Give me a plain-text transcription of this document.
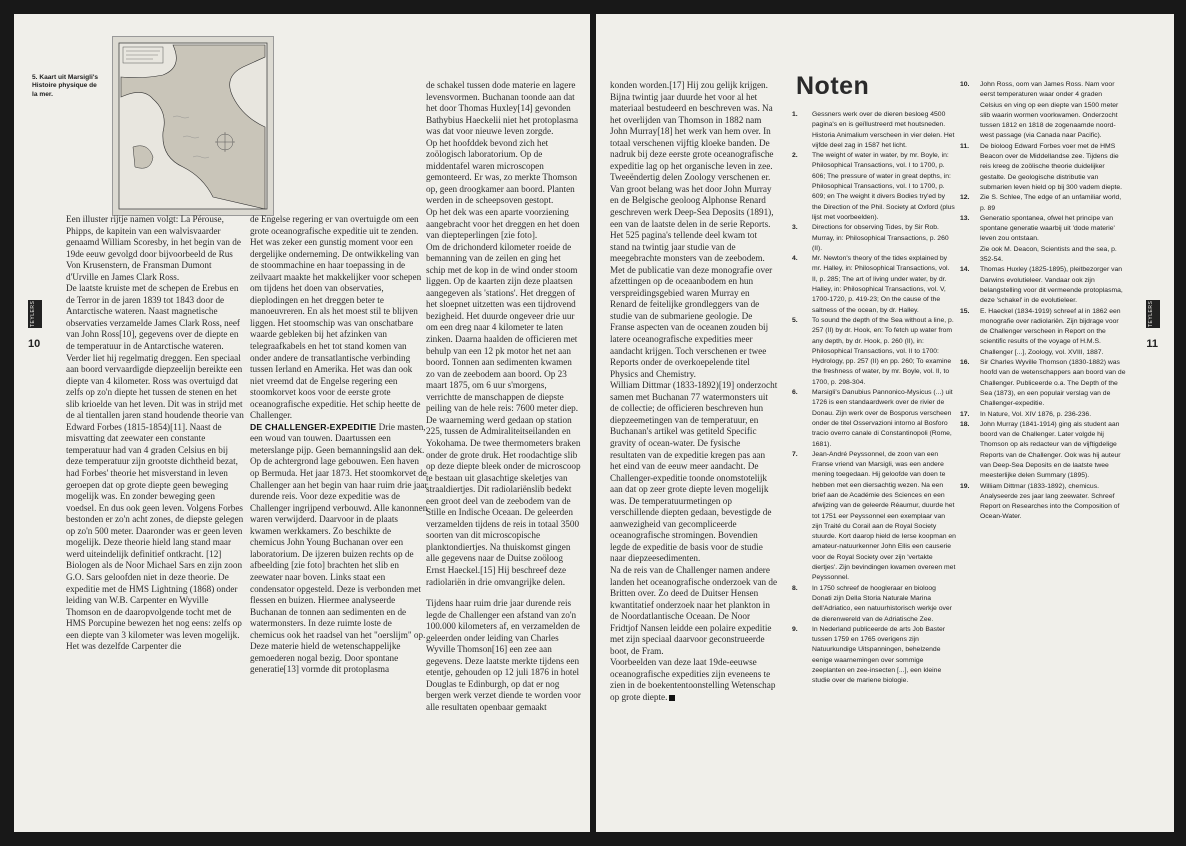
5. Kaart uit Marsigli's Histoire physique de la mer.
TEYLERS
10

Een illuster rijtje namen volgt: La Pérouse, Phipps, de kapitein van een walvisvaarder genaamd William Scoresby, in het begin van de 19de eeuw gevolgd door bijvoorbeeld de Rus Von Krusenstern, de Fransman Dumont d'Urville en James Clark Ross.
De laatste kruiste met de schepen de Erebus en de Terror in de jaren 1839 tot 1843 door de Antarctische wateren. Naast magnetische observaties verzamelde James Clark Ross, neef van John Ross[10], gegevens over de diepte en de temperatuur in de Antarctische wateren. Verder liet hij regelmatig dreggen. Een speciaal aan boord vervaardigde diepzeelijn bereikte een diepte van 4 kilometer. Ross was overtuigd dat zelfs op zo'n diepte het tussen de stenen en het slib krioelde van het leven. Dit was in strijd met de al tientallen jaren stand houdende theorie van Edward Forbes (1815-1854)[11]. Naast de misvatting dat zeewater een constante temperatuur had van 4 graden Celsius en bij deze temperatuur zijn grootste dichtheid bezat, had Forbes' theorie het misverstand in leven geroepen dat op grote diepte geen beweging mogelijk was. En zonder beweging geen voedsel. En dus ook geen leven. Volgens Forbes bestonden er zo'n acht zones, de diepste gelegen op zo'n 500 meter. Daaronder was er geen leven mogelijk. Deze theorie hield lang stand maar werd uiteindelijk definitief ontkracht. [12] Biologen als de Noor Michael Sars en zijn zoon G.O. Sars geloofden niet in deze theorie. De expeditie met de HMS Lightning (1868) onder leiding van W.B. Carpenter en Wyville Thomson en de daaropvolgende tocht met de HMS Porcupine bewezen het nog eens: zelfs op een diepte van 3 kilometer was leven mogelijk. Het was dezelfde Carpenter die

de Engelse regering er van overtuigde om een grote oceanografische expeditie uit te zenden.
Het was zeker een gunstig moment voor een dergelijke onderneming. De ontwikkeling van de stoommachine en haar toepassing in de zeilvaart maakte het makkelijker voor schepen om tijdens het doen van observaties, dieplodingen en het dreggen beter te manoeuvreren. En als het moest stil te blijven liggen. Het stoomschip was van onschatbare waarde gebleken bij het afzinken van telegraafkabels en het tot stand komen van onder andere de transatlantische verbinding tussen Ierland en Amerika. Het was dan ook niet vreemd dat de Engelse regering een stoomkorvet koos voor de eerste grote oceanografische expeditie. Het schip heette de Challenger.

DE CHALLENGER-EXPEDITIE Drie masten, een woud van touwen. Daartussen een meterslange pijp. Geen bemanningslid aan dek. Op de achtergrond lage gebouwen. Een haven op Bermuda. Het jaar 1873. Het stoomkorvet de Challenger aan het begin van haar ruim drie jaar durende reis. Voor deze expeditie was de Challenger ingrijpend verbouwd. Alle kanonnen waren verwijderd. Daarvoor in de plaats kwamen werkkamers. Zo beschikte de chemicus John Young Buchanan over een laboratorium. De ijzeren buizen rechts op de afbeelding [zie foto] brachten het slib en zeewater naar boven. Links staat een condensator opgesteld. Deze is verbonden met flessen en buizen. Hiermee analyseerde Buchanan de tonnen aan sedimenten en de watermonsters. In deze ruimte loste de chemicus ook het raadsel van het "oerslijm" op. Deze materie hield de wetenschappelijke gemoederen nogal bezig. Door spontane generatie[13] vormde dit protoplasma

de schakel tussen dode materie en lagere levensvormen. Buchanan toonde aan dat het door Thomas Huxley[14] gevonden Bathybius Haeckelii niet het protoplasma was dat voor nieuwe leven zorgde.
Op het hoofddek bevond zich het zoölogisch laboratorium. Op de middentafel waren microscopen gemonteerd. Er was, zo merkte Thomson op, geen droogkamer aan boord. Planten werden in de scheepsoven gestopt.
Op het dek was een aparte voorziening aangebracht voor het dreggen en het doen van diepteperlingen [zie foto].
Om de drichonderd kilometer roeide de bemanning van de zeilen en ging het schip met de kop in de wind onder stoom liggen. Op de kaarten zijn deze plaatsen aangegeven als 'stations'. Het dreggen of het sloepnet uitzetten was een tijdrovend bezigheid. Het duurde ongeveer drie uur om een dreg naar 4 kilometer te laten zinken. Daarna haalden de officieren met behulp van een 12 pk motor het net aan boord. Tonnen aan sedimenten kwamen zo van de zeebodem aan boord. Op 23 maart 1875, om 6 uur s'morgens, verrichtte de manschappen de diepste peiling van de hele reis: 7600 meter diep. De waarneming werd gedaan op station 225, tussen de Admiraliteitseilanden en Yokohama. De twee thermometers braken onder de grote druk. Het roodachtige slib op deze diepte bleek onder de microscoop te bestaan uit glasachtige skeletjes van straaldiertjes. Dit radiolariënslib bedekt een groot deel van de zeebodem van de Stille en Indische Oceaan. De geleerden verzamelden tijdens de reis in totaal 3500 soorten van dit microscopische planktondiertjes. Na thuiskomst gingen alle gegevens naar de Duitse zoöloog Ernst Haeckel.[15] Hij beschreef deze radiolariën in drie omvangrijke delen.

Tijdens haar ruim drie jaar durende reis legde de Challenger een afstand van zo'n 100.000 kilometers af, en verzamelden de geleerden onder leiding van Charles Wyville Thomson[16] een zee aan gegevens. Deze laatste merkte tijdens een etentje, gehouden op 12 juli 1876 in hotel Douglas te Edinburgh, op dat er nog bergen werk verzet diende te worden voor alle resultaten openbaar gemaakt

konden worden.[17] Hij zou gelijk krijgen. Bijna twintig jaar duurde het voor al het materiaal bestudeerd en beschreven was. Na het overlijden van Thomson in 1882 nam John Murray[18] het werk van hem over. In totaal verschenen vijftig kloeke banden. De nadruk bij deze eerste grote oceanografische expeditie lag op het organische leven in zee. Tweeëndertig delen Zoology verschenen er. Van groot belang was het door John Murray en de Belgische geoloog Alphonse Renard geschreven werk Deep-Sea Deposits (1891), een van de laatste delen in de serie Reports. Het 525 pagina's tellende deel kwam tot stand na twintig jaar studie van de meegebrachte monsters van de zeebodem. Met de publicatie van deze monografie over afzettingen op de oceaanbodem en hun verspreidingsgebied waren Murray en Renard de feitelijke grondleggers van de studie van de submariene geologie. De Franse aspecten van de oceanen zouden bij latere oceanografische expedities meer aandacht krijgen. Toch verschenen er twee Reports onder de overkoepelende titel Physics and Chemistry.
William Dittmar (1833-1892)[19] onderzocht samen met Buchanan 77 watermonsters uit de collectie; de officieren beschreven hun diepzeemetingen van de temperatuur, en Buchanan's artikel was getiteld Specific gravity of ocean-water. De fysische resultaten van de expeditie kregen pas aan het eind van de eeuw meer aandacht. De Challenger-expeditie toonde onomstotelijk aan dat op zeer grote diepte leven mogelijk was. De temperatuurmetingen op verschillende diepten gedaan, bevestigde de aanwezigheid van gecompliceerde oceanografische stromingen. Bovendien legde de expeditie de basis voor de studie naar diepzeesedimenten.
Na de reis van de Challenger namen andere landen het oceanografische onderzoek van de Britten over. Zo deed de Duitser Hensen kwantitatief onderzoek naar het plankton in de Noordatlantische Oceaan. De Noor Fridtjof Nansen leidde een polaire expeditie met zijn speciaal daarvoor geconstrueerde boot, de Fram.
Voorbeelden van deze laat 19de-eeuwse oceanografische expedities zijn eveneens te zien in de boekententoonstelling Wetenschap op grote diepte.

Noten
1. Gessners werk over de dieren besloeg 4500 pagina's en is geïllustreerd met houtsneden. Historia Animalium verscheen in vier delen. Het vijfde deel zag in 1587 het licht.
2. The weight of water in water, by mr. Boyle, in: Philosophical Transactions, vol. I to 1700, p. 606; The pressure of water in great depths, in: Philosophical Transactions, vol. I to 1700, p. 609; en The weight it divers Bodies try'ed by the Direction of the Phil. Society at Oxford (plus lijst met voorbeelden).
3. Directions for observing Tides, by Sir Rob. Murray, in: Philosophical Transactions, p. 260 (II).
4. Mr. Newton's theory of the tides explained by mr. Halley, in: Philosophical Transactions, vol. II, p. 285; The art of living under water, by dr. Halley, in: Philosophical Transactions, vol. V, 1700-1720, p. 419-23; On the cause of the saltness of the ocean, by dr. Halley.
5. To sound the depth of the Sea without a line, p. 257 (II) by dr. Hook, en: To fetch up water from any depth, by dr. Hook, p. 260 (II), in: Philosophical Transactions, vol. II to 1700: Hydrology, pp. 257 (II) en pp. 260; To examine the freshness of water, by mr. Boyle, vol. II, to 1700, p. 298-304.
6. Marsigli's Danubius Pannonico-Mysicus (...) uit 1726 is een standaardwerk over de rivier de Donau. Zijn werk over de Bosporus verscheen onder de titel Osservazioni intorno al Bosforo tracio overro canale di Constantinopoli (Rome, 1681).
7. Jean-André Peyssonnel, de zoon van een Franse vriend van Marsigli, was een andere mening toegedaan. Hij geloofde van doen te hebben met een diersachtig wezen. Na een brief aan de Académie des Sciences en een afwijzing van de geleerde Réaumur, duurde het tot 1751 eer Peyssonnel een exemplaar van zijn Traité du Corail aan de Royal Society stuurde. Kort daarop hield de Ierse koopman en amateur-natuurkenner John Ellis een causerie voor de Royal Society over zijn 'vertakte diertjes'. Zijn bevindingen kwamen overeen met Peyssonnel.
8. In 1750 schreef de hoogleraar en bioloog Donati zijn Della Storia Naturale Marina dell'Adriatico, een natuurhistorisch werkje over de dierenwereld van de Adriatische Zee.
9. In Nederland publiceerde de arts Job Baster tussen 1759 en 1765 overigens zijn Natuurkundige Uitspanningen, behelzende eenige waarnemingen over sommige zeeplanten en zee-insecten [...], een kleine studie over de mariene biologie.
10. John Ross, oom van James Ross. Nam voor eerst temperaturen waar onder 4 graden Celsius en ving op een diepte van 1500 meter slib waarin wormen voorkwamen. Onderzocht tussen 1812 en 1818 de zogenaamde noord-west passage (via Canada naar Pacific).
11. De bioloog Edward Forbes voer met de HMS Beacon over de Middellandse zee. Tijdens die reis kreeg de zoölische theorie duidelijker gestalte. De geologische distributie van submarien leven hield op bij 300 vadem diepte.
12. Zie S. Schlee, The edge of an unfamiliar world, p. 89
13. Generatio spontanea, ofwel het principe van spontane generatie waarbij uit 'dode materie' leven zou ontstaan.
Zie ook M. Deacon, Scientists and the sea, p. 352-54.
14. Thomas Huxley (1825-1895), pleitbezorger van Darwins evolutieleer. Vandaar ook zijn belangstelling voor dit vermeende protoplasma, deze 'schakel' in de evolutieleer.
15. E. Haeckel (1834-1919) schreef al in 1862 een monografie over radiolariën. Zijn bijdrage voor de Challenger verscheen in Report on the scientific results of the voyage of H.M.S. Challenger [...], Zoology, vol. XVIII, 1887.
16. Sir Charles Wyville Thomson (1830-1882) was hoofd van de wetenschappers aan boord van de Challenger. Publiceerde o.a. The Depth of the Sea (1873), en een populair verslag van de Challenger-expeditie.
17. In Nature, Vol. XIV 1876, p. 236-236.
18. John Murray (1841-1914) ging als student aan boord van de Challenger. Later volgde hij Thomson op als redacteur van de vijftigdelige Reports van de Challenger. Ook was hij auteur van Deep-Sea Deposits en de laatste twee meesterlijke delen Summary (1895).
19. William Dittmar (1833-1892), chemicus. Analyseerde zes jaar lang zeewater. Schreef Report on Researches into the Composition of Ocean-Water.
TEYLERS
11
